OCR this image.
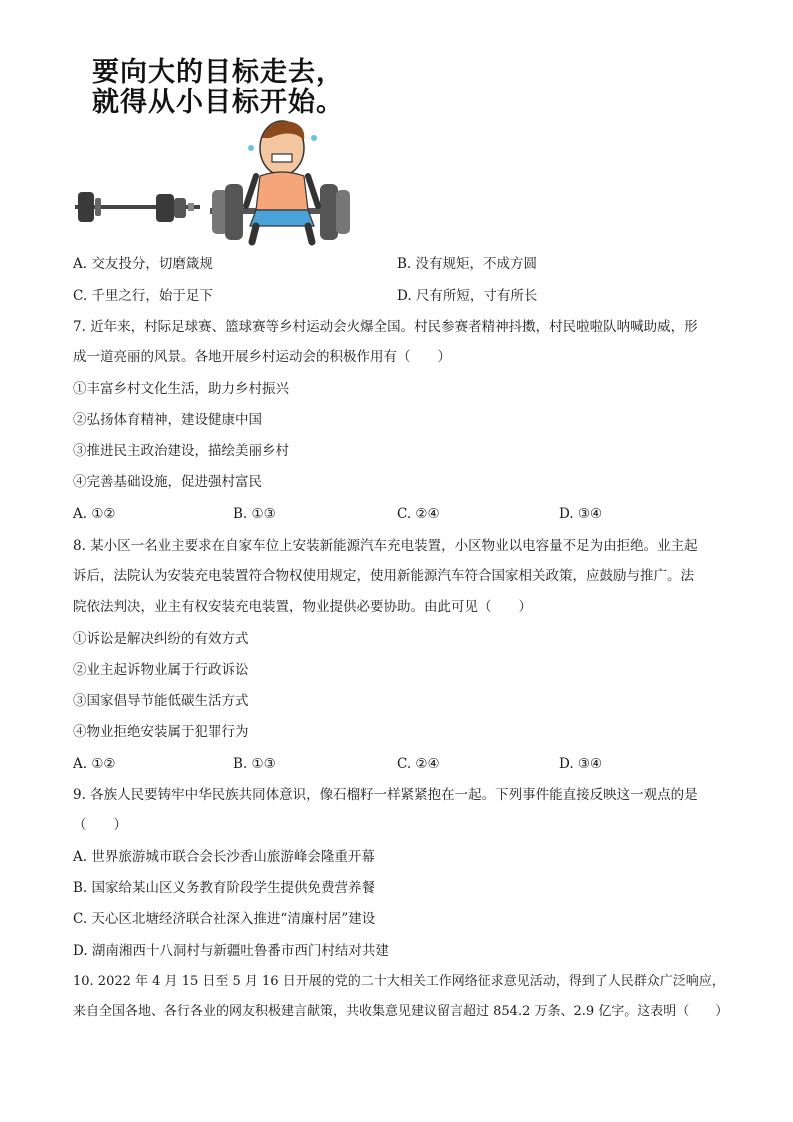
要向大的目标走去，
就得从小目标开始。
A. 交友投分，切磨箴规	B. 没有规矩，不成方圆
C. 千里之行，始于足下	D. 尺有所短，寸有所长
7. 近年来，村际足球赛、篮球赛等乡村运动会火爆全国。村民参赛者精神抖擞，村民啦啦队呐喊助威，形
成一道亮丽的风景。各地开展乡村运动会的积极作用有（　　）
①丰富乡村文化生活，助力乡村振兴
②弘扬体育精神，建设健康中国
③推进民主政治建设，描绘美丽乡村
④完善基础设施，促进强村富民
A. ①②	B. ①③	C. ②④	D. ③④
8. 某小区一名业主要求在自家车位上安装新能源汽车充电装置，小区物业以电容量不足为由拒绝。业主起
诉后，法院认为安装充电装置符合物权使用规定，使用新能源汽车符合国家相关政策，应鼓励与推广。法
院依法判决，业主有权安装充电装置，物业提供必要协助。由此可见（　　）
①诉讼是解决纠纷的有效方式
②业主起诉物业属于行政诉讼
③国家倡导节能低碳生活方式
④物业拒绝安装属于犯罪行为
A. ①②	B. ①③	C. ②④	D. ③④
9. 各族人民要铸牢中华民族共同体意识，像石榴籽一样紧紧抱在一起。下列事件能直接反映这一观点的是
（　　）
A. 世界旅游城市联合会长沙香山旅游峰会隆重开幕
B. 国家给某山区义务教育阶段学生提供免费营养餐
C. 天心区北塘经济联合社深入推进“清廉村居”建设
D. 湖南湘西十八洞村与新疆吐鲁番市西门村结对共建
10. 2022 年 4 月 15 日至 5 月 16 日开展的党的二十大相关工作网络征求意见活动，得到了人民群众广泛响应，
来自全国各地、各行各业的网友积极建言献策，共收集意见建议留言超过 854.2 万条、2.9 亿字。这表明（　　）
